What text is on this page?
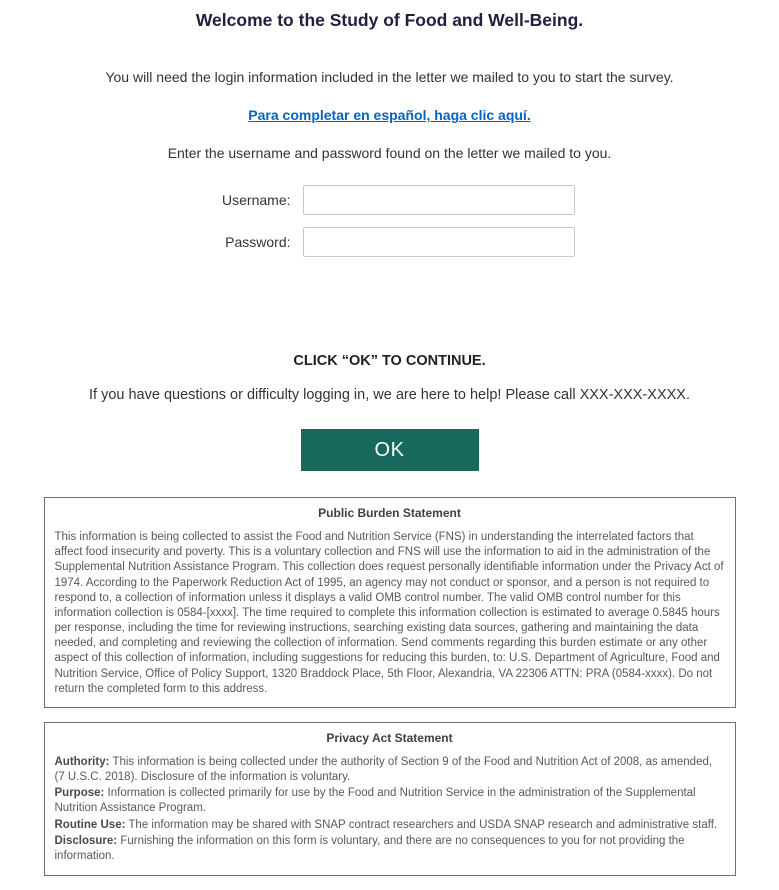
Welcome to the Study of Food and Well-Being.

You will need the login information included in the letter we mailed to you to start the survey.

Para completar en español, haga clic aquí.

Enter the username and password found on the letter we mailed to you.

Username:
Password:

CLICK “OK” TO CONTINUE.

If you have questions or difficulty logging in, we are here to help! Please call XXX-XXX-XXXX.

OK
Public Burden Statement
This information is being collected to assist the Food and Nutrition Service (FNS) in understanding the interrelated factors that affect food insecurity and poverty. This is a voluntary collection and FNS will use the information to aid in the administration of the Supplemental Nutrition Assistance Program. This collection does request personally identifiable information under the Privacy Act of 1974. According to the Paperwork Reduction Act of 1995, an agency may not conduct or sponsor, and a person is not required to respond to, a collection of information unless it displays a valid OMB control number. The valid OMB control number for this information collection is 0584-[xxxx]. The time required to complete this information collection is estimated to average 0.5845 hours per response, including the time for reviewing instructions, searching existing data sources, gathering and maintaining the data needed, and completing and reviewing the collection of information. Send comments regarding this burden estimate or any other aspect of this collection of information, including suggestions for reducing this burden, to: U.S. Department of Agriculture, Food and Nutrition Service, Office of Policy Support, 1320 Braddock Place, 5th Floor, Alexandria, VA 22306 ATTN: PRA (0584-xxxx). Do not return the completed form to this address.
Privacy Act Statement
Authority: This information is being collected under the authority of Section 9 of the Food and Nutrition Act of 2008, as amended, (7 U.S.C. 2018). Disclosure of the information is voluntary.
Purpose: Information is collected primarily for use by the Food and Nutrition Service in the administration of the Supplemental Nutrition Assistance Program.
Routine Use: The information may be shared with SNAP contract researchers and USDA SNAP research and administrative staff.
Disclosure: Furnishing the information on this form is voluntary, and there are no consequences to you for not providing the information.
